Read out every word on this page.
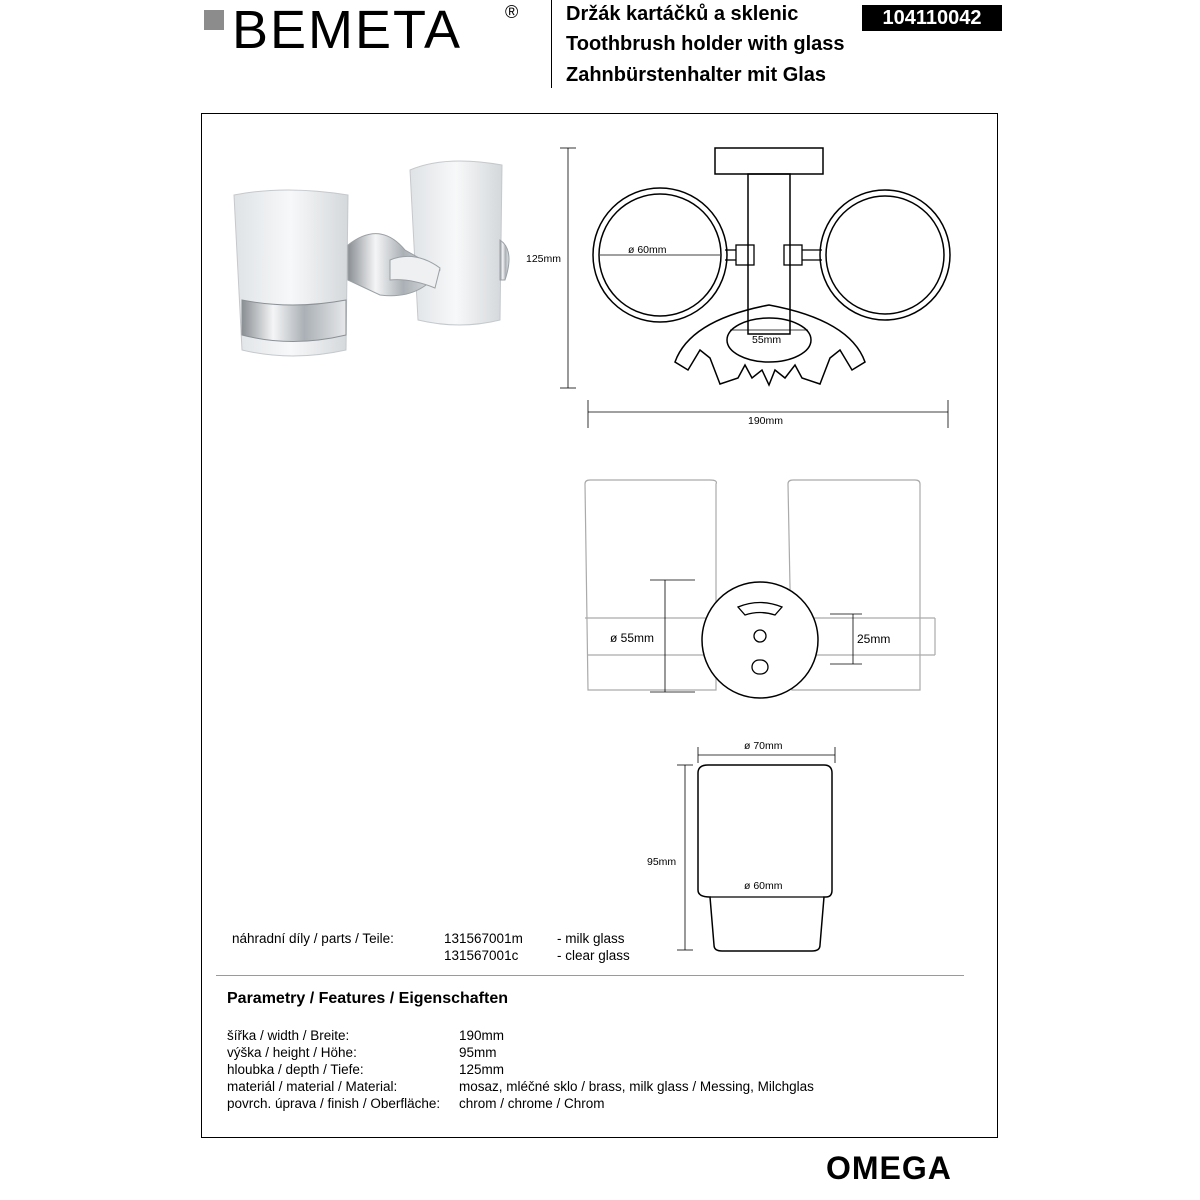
BEMETA ® Držák kartáčků a sklenic
Toothbrush holder with glass
Zahnbürstenhalter mit Glas
104110042
125mm
ø 60mm
55mm
190mm
ø 55mm	25mm
ø 70mm
ø 60mm
95mm
náhradní díly / parts / Teile:	131567001m	- milk glass
131567001c	- clear glass
Parametry / Features / Eigenschaften
šířka / width / Breite:	190mm
výška / height / Höhe:	95mm
hloubka / depth / Tiefe:	125mm
materiál / material / Material:	mosaz, mléčné sklo / brass, milk glass / Messing, Milchglas
povrch. úprava / finish / Oberfläche: chrom / chrome / Chrom
OMEGA
